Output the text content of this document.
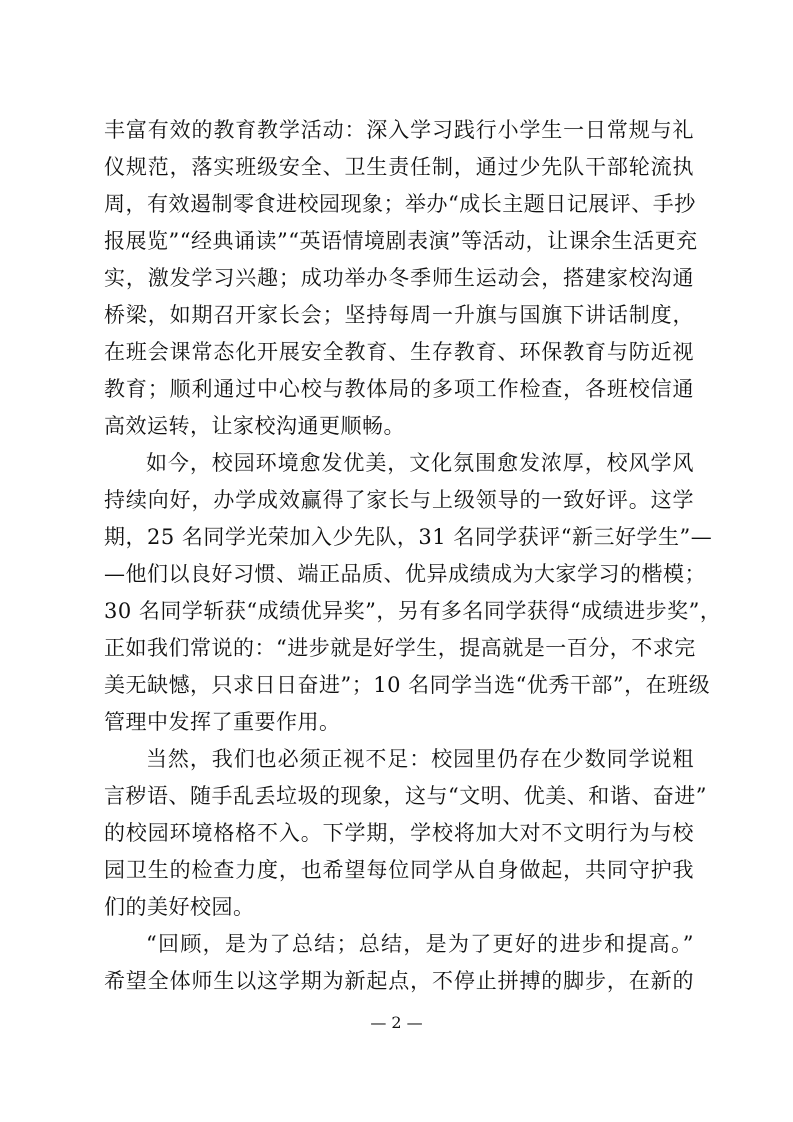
丰富有效的教育教学活动：深入学习践行小学生一日常规与礼
仪规范，落实班级安全、卫生责任制，通过少先队干部轮流执
周，有效遏制零食进校园现象；举办“成长主题日记展评、手抄
报展览”“经典诵读”“英语情境剧表演”等活动，让课余生活更充
实，激发学习兴趣；成功举办冬季师生运动会，搭建家校沟通
桥梁，如期召开家长会；坚持每周一升旗与国旗下讲话制度，
在班会课常态化开展安全教育、生存教育、环保教育与防近视
教育；顺利通过中心校与教体局的多项工作检查，各班校信通
高效运转，让家校沟通更顺畅。
如今，校园环境愈发优美，文化氛围愈发浓厚，校风学风
持续向好，办学成效赢得了家长与上级领导的一致好评。这学
期，25 名同学光荣加入少先队，31 名同学获评“新三好学生”—
—他们以良好习惯、端正品质、优异成绩成为大家学习的楷模；
30 名同学斩获“成绩优异奖”，另有多名同学获得“成绩进步奖”，
正如我们常说的：“进步就是好学生，提高就是一百分，不求完
美无缺憾，只求日日奋进”；10 名同学当选“优秀干部”，在班级
管理中发挥了重要作用。
当然，我们也必须正视不足：校园里仍存在少数同学说粗
言秽语、随手乱丢垃圾的现象，这与“文明、优美、和谐、奋进”
的校园环境格格不入。下学期，学校将加大对不文明行为与校
园卫生的检查力度，也希望每位同学从自身做起，共同守护我
们的美好校园。
“回顾，是为了总结；总结，是为了更好的进步和提高。”
希望全体师生以这学期为新起点，不停止拼搏的脚步，在新的
— 2 —
